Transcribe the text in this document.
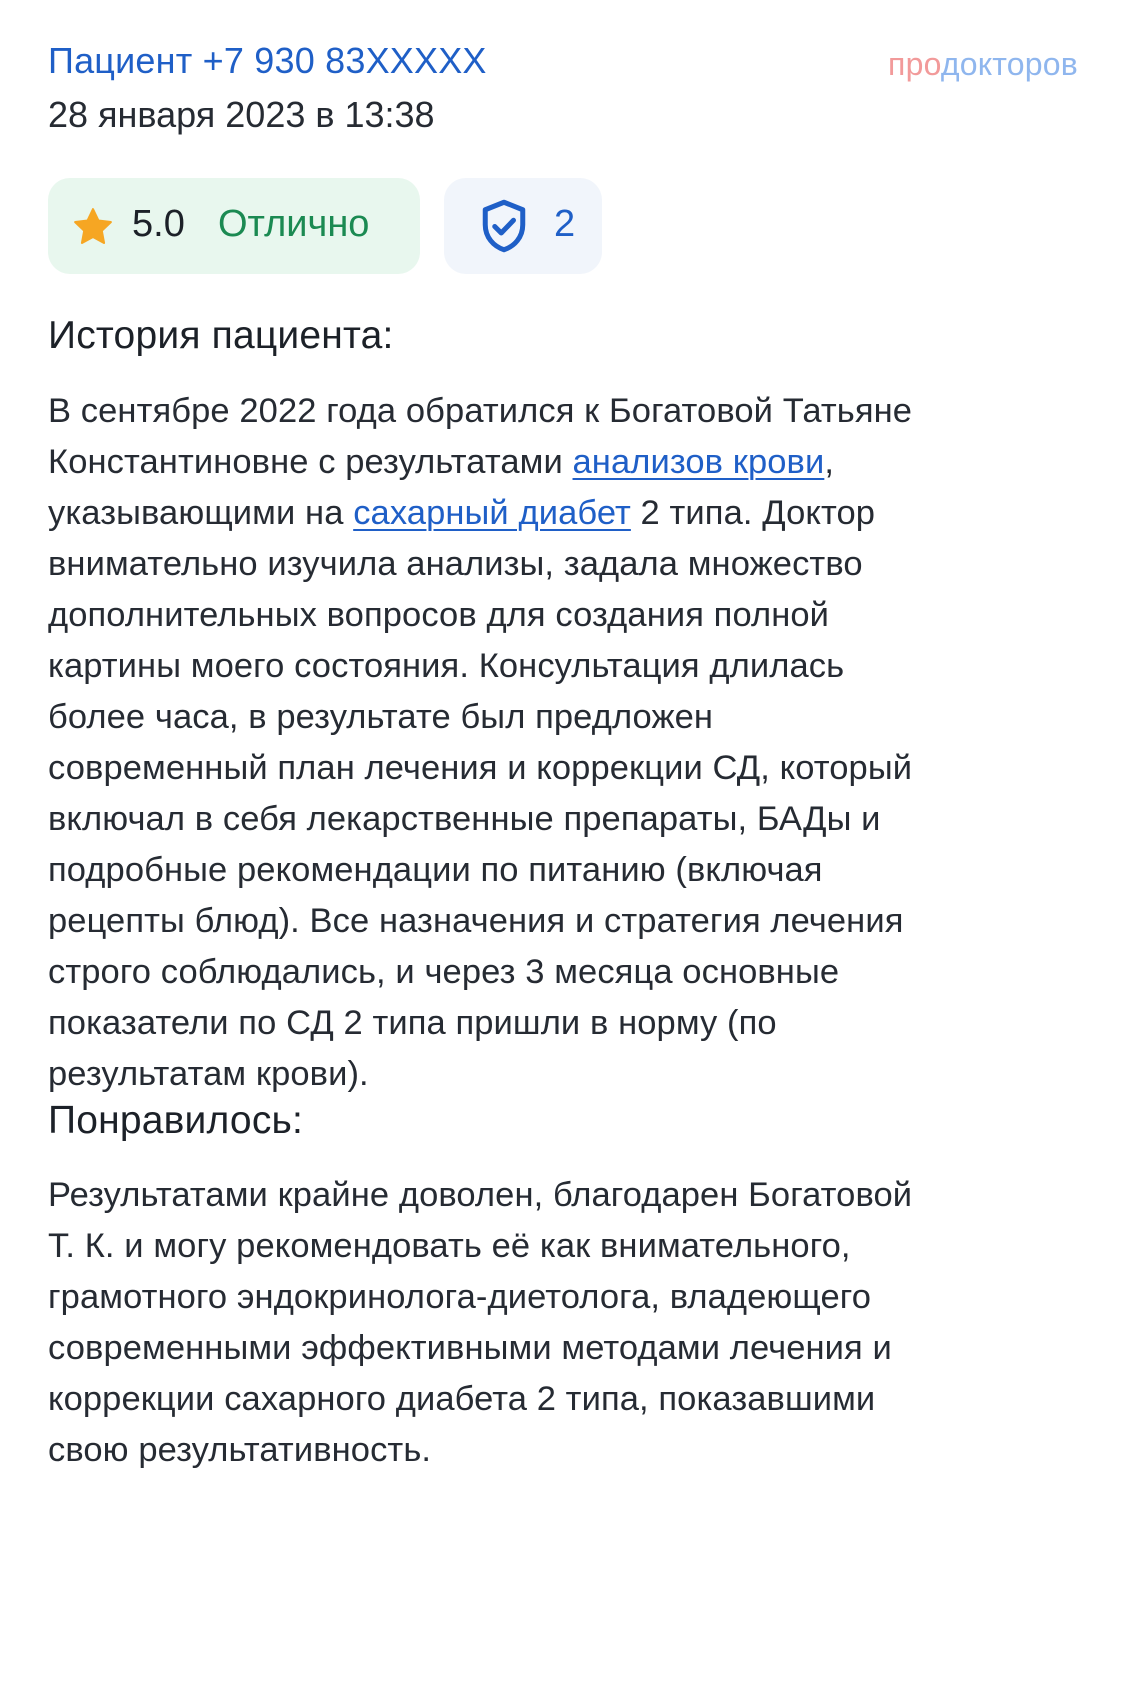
Пациент +7 930 83XXXXX
28 января 2023 в 13:38
продокторов
5.0 Отлично	2
История пациента:
В сентябре 2022 года обратился к Богатовой Татьяне
Константиновне с результатами анализов крови,
указывающими на сахарный диабет 2 типа. Доктор
внимательно изучила анализы, задала множество
дополнительных вопросов для создания полной
картины моего состояния. Консультация длилась
более часа, в результате был предложен
современный план лечения и коррекции СД, который
включал в себя лекарственные препараты, БАДы и
подробные рекомендации по питанию (включая
рецепты блюд). Все назначения и стратегия лечения
строго соблюдались, и через 3 месяца основные
показатели по СД 2 типа пришли в норму (по
результатам крови).
Понравилось:
Результатами крайне доволен, благодарен Богатовой
Т. К. и могу рекомендовать её как внимательного,
грамотного эндокринолога-диетолога, владеющего
современными эффективными методами лечения и
коррекции сахарного диабета 2 типа, показавшими
свою результативность.
